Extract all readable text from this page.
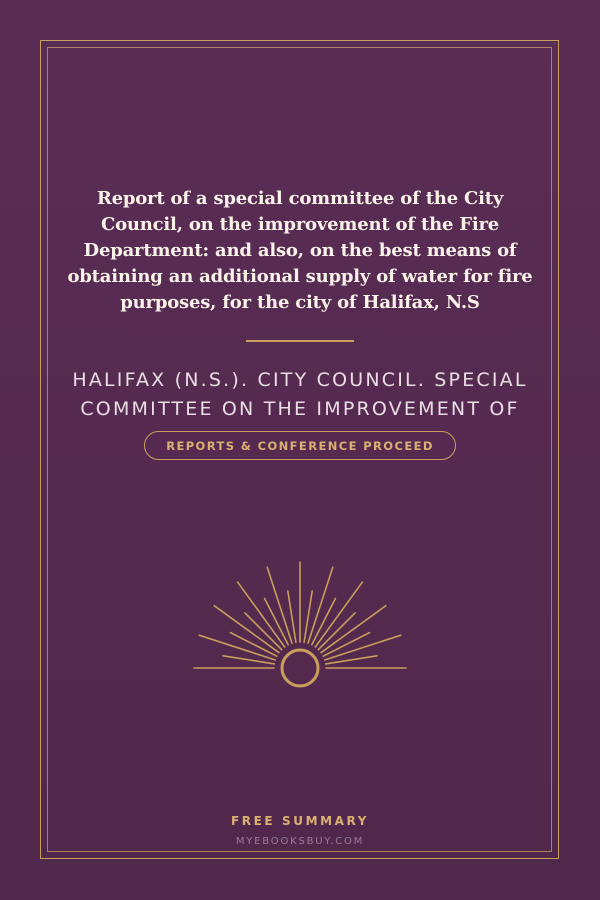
Report of a special committee of the City Council, on the improvement of the Fire Department: and also, on the best means of obtaining an additional supply of water for fire purposes, for the city of Halifax, N.S
HALIFAX (N.S.). CITY COUNCIL. SPECIAL COMMITTEE ON THE IMPROVEMENT OF
REPORTS & CONFERENCE PROCEED
FREE SUMMARY
MYEBOOKSBUY.COM
